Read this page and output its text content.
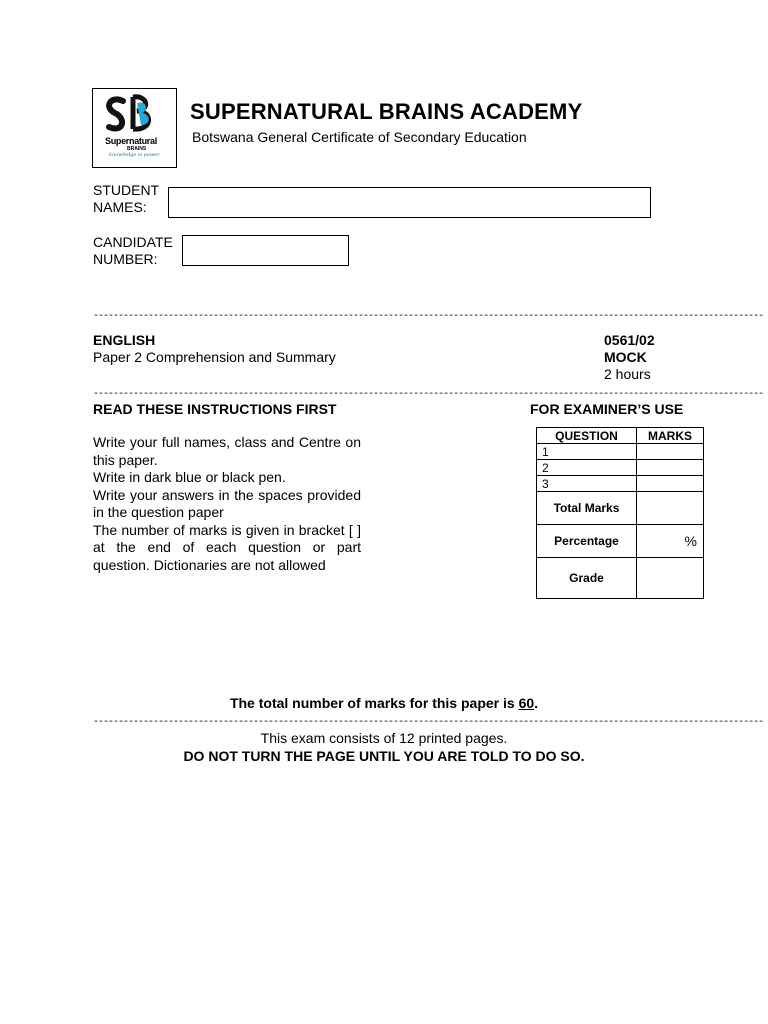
Supernatural
BRAINS
knowledge is power
SUPERNATURAL BRAINS ACADEMY
Botswana General Certificate of Secondary Education
STUDENT
NAMES:
CANDIDATE
NUMBER:
--------------------------------------------------------------------------------------------------------------------------------------
ENGLISH
Paper 2 Comprehension and Summary
0561/02
MOCK
2 hours
--------------------------------------------------------------------------------------------------------------------------------------
READ THESE INSTRUCTIONS FIRST	FOR EXAMINER’S USE
Write your full names, class and Centre on this paper.
Write in dark blue or black pen.
Write your answers in the spaces provided in the question paper
The number of marks is given in bracket [ ] at the end of each question or part question. Dictionaries are not allowed
QUESTION	MARKS
1	
2	
3	
Total Marks	
Percentage	%
Grade	
The total number of marks for this paper is 60.
--------------------------------------------------------------------------------------------------------------------------------------
This exam consists of 12 printed pages.
DO NOT TURN THE PAGE UNTIL YOU ARE TOLD TO DO SO.
